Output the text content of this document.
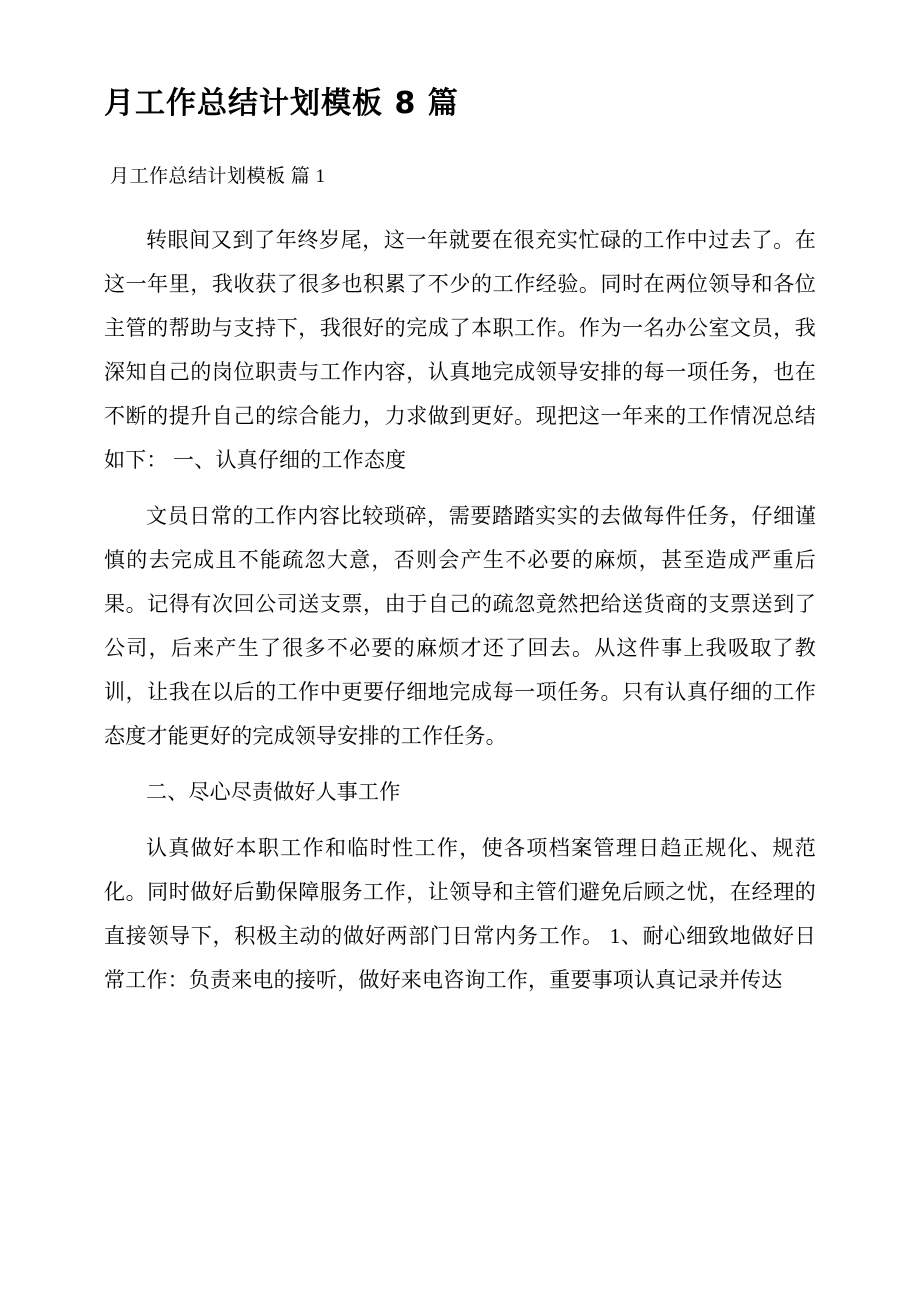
月工作总结计划模板 8 篇
月工作总结计划模板 篇 1

转眼间又到了年终岁尾，这一年就要在很充实忙碌的工作中过去了。在这一年里，我收获了很多也积累了不少的工作经验。同时在两位领导和各位主管的帮助与支持下，我很好的完成了本职工作。作为一名办公室文员，我深知自己的岗位职责与工作内容，认真地完成领导安排的每一项任务，也在不断的提升自己的综合能力，力求做到更好。现把这一年来的工作情况总结如下： 一、认真仔细的工作态度

文员日常的工作内容比较琐碎，需要踏踏实实的去做每件任务，仔细谨慎的去完成且不能疏忽大意，否则会产生不必要的麻烦，甚至造成严重后果。记得有次回公司送支票，由于自己的疏忽竟然把给送货商的支票送到了公司，后来产生了很多不必要的麻烦才还了回去。从这件事上我吸取了教训，让我在以后的工作中更要仔细地完成每一项任务。只有认真仔细的工作态度才能更好的完成领导安排的工作任务。

二、尽心尽责做好人事工作

认真做好本职工作和临时性工作，使各项档案管理日趋正规化、规范化。同时做好后勤保障服务工作，让领导和主管们避免后顾之忧，在经理的直接领导下，积极主动的做好两部门日常内务工作。 1、耐心细致地做好日常工作：负责来电的接听，做好来电咨询工作，重要事项认真记录并传达
